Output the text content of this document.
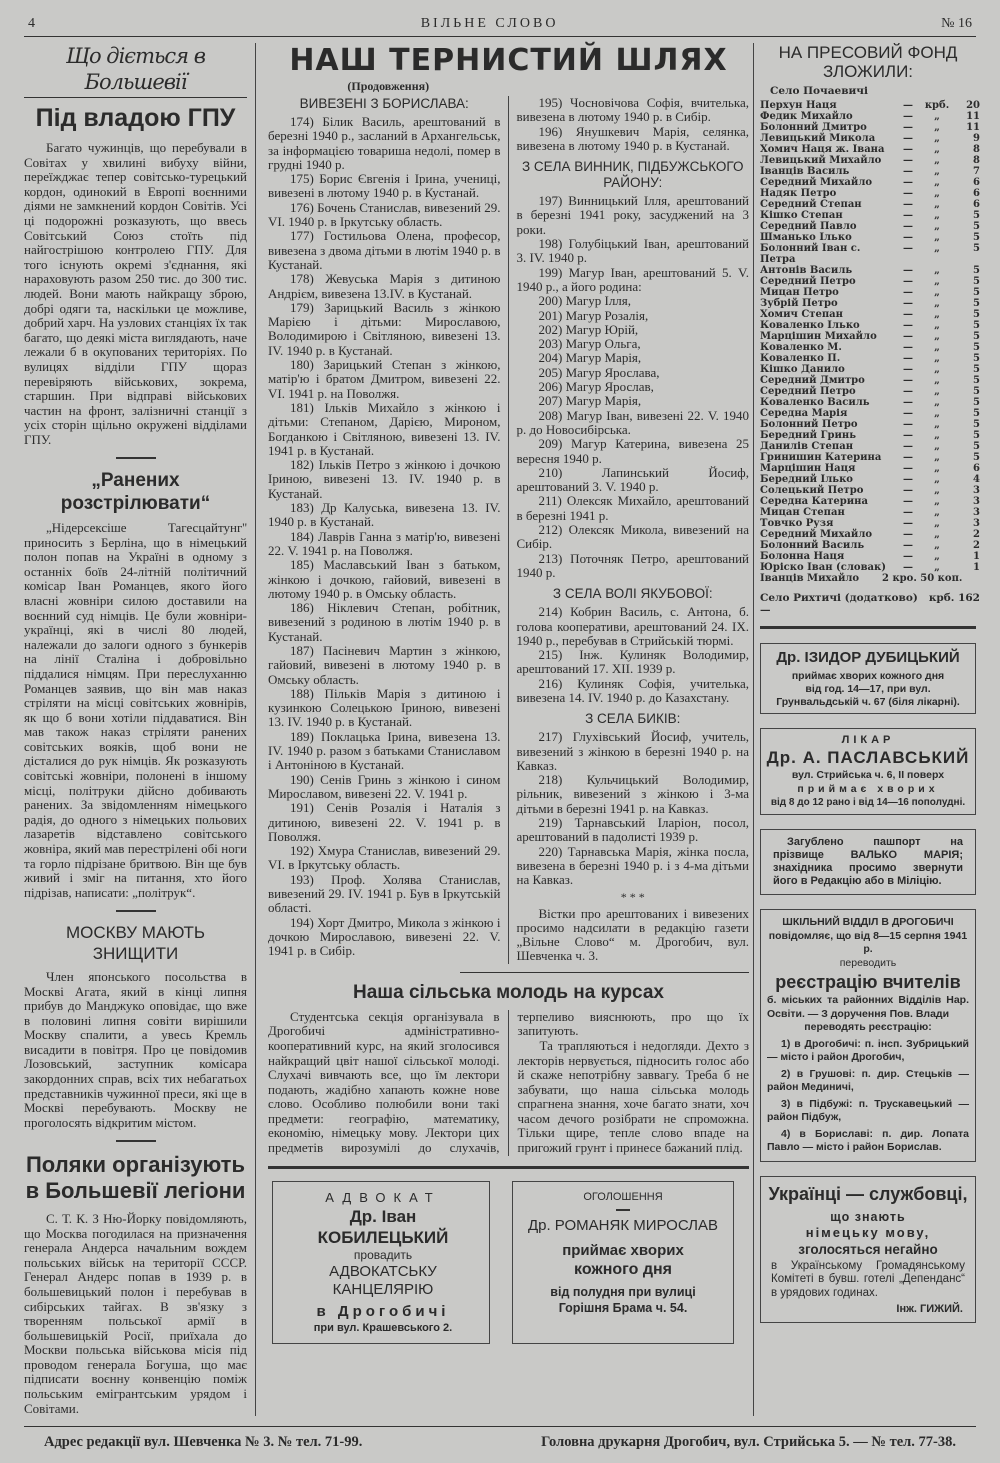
4	ВІЛЬНЕ СЛОВО	№ 16
Що діється в Большевії
Під владою ГПУ

Багато чужинців, що перебували в Совітах у хвилині вибуху війни, переїжджає тепер совітсько-турецький кордон, одинокий в Европі воєнними діями не замкнений кордон Совітів. Усі ці подорожні розказують, що ввесь Совітський Союз стоїть під найгострішою контролею ГПУ. Для того існують окремі з'єднання, які нараховують разом 250 тис. до 300 тис. людей. Вони мають найкращу зброю, добрі одяги та, наскільки це можливе, добрий харч. На узлових станціях їх так багато, що деякі міста виглядають, наче лежали б в окупованих територіях. По вулицях відділи ГПУ щораз перевіряють військових, зокрема, старшин. При відправі військових частин на фронт, залізничні станції з усіх сторін щільно окружені відділами ГПУ.

„Ранених розстрілювати“

„Нідерсексіше Тагесцайтунг'' приносить з Берліна, що в німецький полон попав на Україні в одному з останніх боїв 24-літній політичний комісар Іван Романцев, якого його власні жовніри силою доставили на воєнний суд німців. Це були жовніри-українці, які в числі 80 людей, належали до залоги одного з бункерів на лінії Сталіна і добровільно піддалися німцям. При переслуханню Романцев заявив, що він мав наказ стріляти на місці совітських жовнірів, як що б вони хотіли піддаватися. Він мав також наказ стріляти ранених совітських вояків, щоб вони не дісталися до рук німців. Як розказують совітські жовніри, полонені в іншому місці, політруки дійсно добивають ранених. За звідомленням німецького радія, до одного з німецьких польових лазаретів відставлено совітського жовніра, який мав перестрілені обі ноги та горло підрізане бритвою. Він ще був живий і зміг на питання, хто його підрізав, написати: „політрук“.

МОСКВУ МАЮТЬ ЗНИЩИТИ

Член японського посольства в Москві Агата, який в кінці липня прибув до Манджуко оповідає, що вже в половині липня совіти вирішили Москву спалити, а увесь Кремль висадити в повітря. Про це повідомив Лозовський, заступник комісара закордонних справ, всіх тих небагатьох представників чужинної преси, які ще в Москві перебувають. Москву не проголосять відкритим містом.

Поляки організують в Большевії легіони

С. Т. К. З Ню-Йорку повідомляють, що Москва погодилася на призначення генерала Андерса начальним вождем польських військ на території СССР. Генерал Андерс попав в 1939 р. в большевицький полон і перебував в сибірських тайгах. В зв'язку з творенням польської армії в большевицькій Росії, приїхала до Москви польська військова місія під проводом генерала Богуша, що має підписати воєнну конвенцію поміж польським емігрантським урядом і Совітами.

НАШ ТЕРНИСТИЙ ШЛЯХ
(Продовження)
ВИВЕЗЕНІ З БОРИСЛАВА:

174) Білик Василь, арештований в березні 1940 р., засланий в Архангельськ, за інформацією товариша недолі, помер в грудні 1940 р.

175) Борис Євгенія і Ірина, учениці, вивезені в лютому 1940 р. в Кустанай.

176) Бочень Станислав, вивезений 29. VI. 1940 р. в Іркутську область.

177) Гостильова Олена, професор, вивезена з двома дітьми в лютім 1940 р. в Кустанай.

178) Жевуська Марія з дитиною Андрієм, вивезена 13.IV. в Кустанай.

179) Зарицький Василь з жінкою Марією і дітьми: Мирославою, Володимирою і Світляною, вивезені 13. IV. 1940 р. в Кустанай.

180) Зарицький Степан з жінкою, матір'ю і братом Дмитром, вивезені 22. VI. 1941 р. на Поволжя.

181) Ільків Михайло з жінкою і дітьми: Степаном, Дарією, Мироном, Богданкою і Світляною, вивезені 13. IV. 1941 р. в Кустанай.

182) Ільків Петро з жінкою і дочкою Іриною, вивезені 13. IV. 1940 р. в Кустанай.

183) Др Калуська, вивезена 13. IV. 1940 р. в Кустанай.

184) Лаврів Ганна з матір'ю, вивезені 22. V. 1941 р. на Поволжя.

185) Маславський Іван з батьком, жінкою і дочкою, гайовий, вивезені в лютому 1940 р. в Омську область.

186) Ніклевич Степан, робітник, вивезений з родиною в лютім 1940 р. в Кустанай.

187) Пасіневич Мартин з жінкою, гайовий, вивезені в лютому 1940 р. в Омську область.

188) Пільків Марія з дитиною і кузинкою Солецькою Іриною, вивезені 13. IV. 1940 р. в Кустанай.

189) Поклацька Ірина, вивезена 13. IV. 1940 р. разом з батьками Станиславом і Антоніною в Кустанай.

190) Сенів Гринь з жінкою і сином Мирославом, вивезені 22. V. 1941 р.

191) Сенів Розалія і Наталія з дитиною, вивезені 22. V. 1941 р. в Поволжя.

192) Хмура Станислав, вивезений 29. VI. в Іркутську область.

193) Проф. Холява Станислав, вивезений 29. IV. 1941 р. Був в Іркутській області.

194) Хорт Дмитро, Микола з жінкою і дочкою Мирославою, вивезені 22. V. 1941 р. в Сибір.

195) Чосновічова Софія, вчителька, вивезена в лютому 1940 р. в Сибір.

196) Янушкевич Марія, селянка, вивезена в лютому 1940 р. в Кустанай.

З СЕЛА ВИННИК, ПІДБУЖСЬКОГО РАЙОНУ:

197) Винницький Ілля, арештований в березні 1941 року, засуджений на 3 роки.

198) Голубіцький Іван, арештований 3. IV. 1940 р.

199) Магур Іван, арештований 5. V. 1940 р., а його родина:

200) Магур Ілля,

201) Магур Розалія,

202) Магур Юрій,

203) Магур Ольга,

204) Магур Марія,

205) Магур Ярослава,

206) Магур Ярослав,

207) Магур Марія,

208) Магур Іван, вивезені 22. V. 1940 р. до Новосибірська.

209) Магур Катерина, вивезена 25 вересня 1940 р.

210) Лапинський Йосиф, арештований 3. V. 1940 р.

211) Олексяк Михайло, арештований в березні 1941 р.

212) Олексяк Микола, вивезений на Сибір.

213) Поточняк Петро, арештований 1940 р.

З СЕЛА ВОЛІ ЯКУБОВОЇ:

214) Кобрин Василь, с. Антона, б. голова кооперативи, арештований 24. IX. 1940 р., перебував в Стрийській тюрмі.

215) Інж. Кулиняк Володимир, арештований 17. XII. 1939 р.

216) Кулиняк Софія, учителька, вивезена 14. IV. 1940 р. до Казахстану.

З СЕЛА БИКІВ:

217) Глухівський Йосиф, учитель, вивезений з жінкою в березні 1940 р. на Кавказ.

218) Кульчицький Володимир, рільник, вивезений з жінкою і 3-ма дітьми в березні 1941 р. на Кавказ.

219) Тарнавський Іларіон, посол, арештований в падолисті 1939 р.

220) Тарнавська Марія, жінка посла, вивезена в березні 1940 р. і з 4-ма дітьми на Кавказ.

* * *

Вістки про арештованих і вивезених просимо надсилати в редакцію газети „Вільне Слово“ м. Дрогобич, вул. Шевченка ч. 3.

Наша сільська молодь на курсах

Студентська секція організувала в Дрогобичі адміністративно-кооперативний курс, на який зголосився найкращий цвіт нашої сільської молоді. Слухачі вивчають все, що їм лектори подають, жадібно хапають кожне нове слово. Особливо полюбили вони такі предмети: географію, математику, економію, німецьку мову. Лектори цих предметів вирозумілі до слухачів, терпеливо вияснюють, про що їх запитують.

Та трапляються і недогляди. Дехто з лекторів нервується, підносить голос або й скаже непотрібну заввагу. Треба б не забувати, що наша сільська молодь спрагнена знання, хоче багато знати, хоч часом дечого розібрати не спроможна. Тільки щире, тепле слово впаде на пригожий грунт і принесе бажаний плід.

АДВОКАТ
Др. Іван КОБИЛЕЦЬКИЙ
провадить
АДВОКАТСЬКУ
КАНЦЕЛЯРІЮ
в Дрогобичі
при вул. Крашевського 2.
ОГОЛОШЕННЯ
Др. РОМАНЯК МИРОСЛАВ
приймає хворих
кожного дня
від полудня при вулиці
Горішня Брама ч. 54.
НА ПРЕСОВИЙ ФОНД
ЗЛОЖИЛИ:
Село Почаевичі
Перхун Наця	—	крб.	20
Федик Михайло	—	„	11
Болонний Дмитро	—	„	11
Левицький Микола	—	„	9
Хомич Наця ж. Івана	—	„	8
Левицький Михайло	—	„	8
Іванців Василь	—	„	7
Середний Михайло	—	„	6
Надяк Петро	—	„	6
Середний Степан	—	„	6
Кішко Степан	—	„	5
Середний Павло	—	„	5
Шманько Ілько	—	„	5
Болонний Іван с. Петра
—	„	5
Антонів Василь	—	„	5
Середний Петро	—	„	5
Мицан Петро	—	„	5
Зубрій Петро	—	„	5
Хомич Степан	—	„	5
Коваленко Ілько	—	„	5
Марцішин Михайло	—	„	5
Коваленко М.	—	„	5
Коваленко П.	—	„	5
Кішко Данило	—	„	5
Середний Дмитро	—	„	5
Середний Петро	—	„	5
Коваленко Василь	—	„	5
Середна Марія	—	„	5
Болонний Петро	—	„	5
Бередний Гринь	—	„	5
Данилів Степан	—	„	5
Гринишин Катерина	—	„	5
Марцішин Наця	—	„	6
Бередний Ілько	—	„	4
Солецький Петро	—	„	3
Середна Катерина	—	„	3
Мицан Степан	—	„	3
Товчко Рузя	—	„	3
Середний Михайло	—	„	2
Болонний Василь	—	„	2
Болонна Наця	—	„	1
Юріско Іван (словак)	—	„	1
Іванців Михайло	2 кро. 50 коп.
Село Рихтичі (додатково) —
крб. 162
Др. ІЗИДОР ДУБИЦЬКИЙ
приймає хворих кожного дня
від год. 14—17, при вул. Грунвальдській ч. 67 (біля лікарні).
ЛІКАР
Др. А. ПАСЛАВСЬКИЙ
вул. Стрийська ч. 6, II поверх
приймає хворих
від 8 до 12 рано і від 14—16 пополудні.
Загублено пашпорт на прізвище ВАЛЬКО МАРІЯ; знахідника просимо звернути його в Редакцію або в Міліцію.
ШКІЛЬНИЙ ВІДДІЛ В ДРОГОБИЧІ
повідомляє, що від 8—15 серпня 1941 р.
переводить
реєстрацію вчителів
б. міських та районних Відділів Нар. Освіти. — З доручення Пов. Влади
переводять реєстрацію:
1) в Дрогобичі: п. інсп. Зубрицький — місто і район Дрогобич,
2) в Грушові: п. дир. Стецьків — район Мединичі,
3) в Підбужі: п. Трускавецький — район Підбуж,
4) в Бориславі: п. дир. Лопата Павло — місто і район Борислав.
Українці — службовці,
що знають
німецьку мову,
зголосяться негайно
в Українському Громадянському Комітеті в бувш. готелі „Депенданс“ в урядових годинах.
Інж. ГИЖИЙ.
Адрес редакції вул. Шевченка № 3. № тел. 71-99.	Головна друкарня Дрогобич, вул. Стрийська 5. — № тел. 77-38.
